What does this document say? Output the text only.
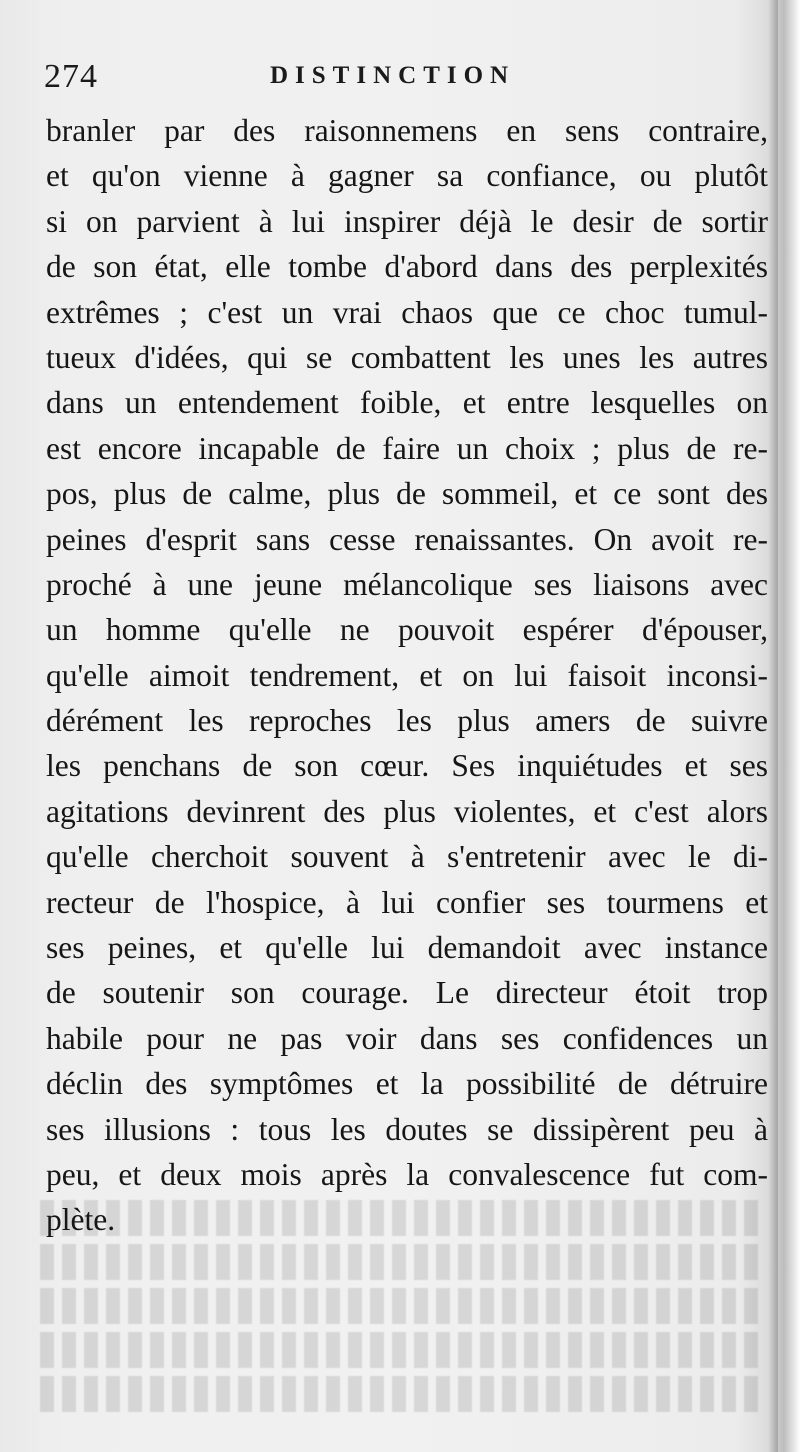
274	DISTINCTION
branler par des raisonnemens en sens contraire,
et qu'on vienne à gagner sa confiance, ou plutôt
si on parvient à lui inspirer déjà le desir de sortir
de son état, elle tombe d'abord dans des perplexités
extrêmes ; c'est un vrai chaos que ce choc tumul-
tueux d'idées, qui se combattent les unes les autres
dans un entendement foible, et entre lesquelles on
est encore incapable de faire un choix ; plus de re-
pos, plus de calme, plus de sommeil, et ce sont des
peines d'esprit sans cesse renaissantes. On avoit re-
proché à une jeune mélancolique ses liaisons avec
un homme qu'elle ne pouvoit espérer d'épouser,
qu'elle aimoit tendrement, et on lui faisoit inconsi-
dérément les reproches les plus amers de suivre
les penchans de son cœur. Ses inquiétudes et ses
agitations devinrent des plus violentes, et c'est alors
qu'elle cherchoit souvent à s'entretenir avec le di-
recteur de l'hospice, à lui confier ses tourmens et
ses peines, et qu'elle lui demandoit avec instance
de soutenir son courage. Le directeur étoit trop
habile pour ne pas voir dans ses confidences un
déclin des symptômes et la possibilité de détruire
ses illusions : tous les doutes se dissipèrent peu à
peu, et deux mois après la convalescence fut com-
plète.
